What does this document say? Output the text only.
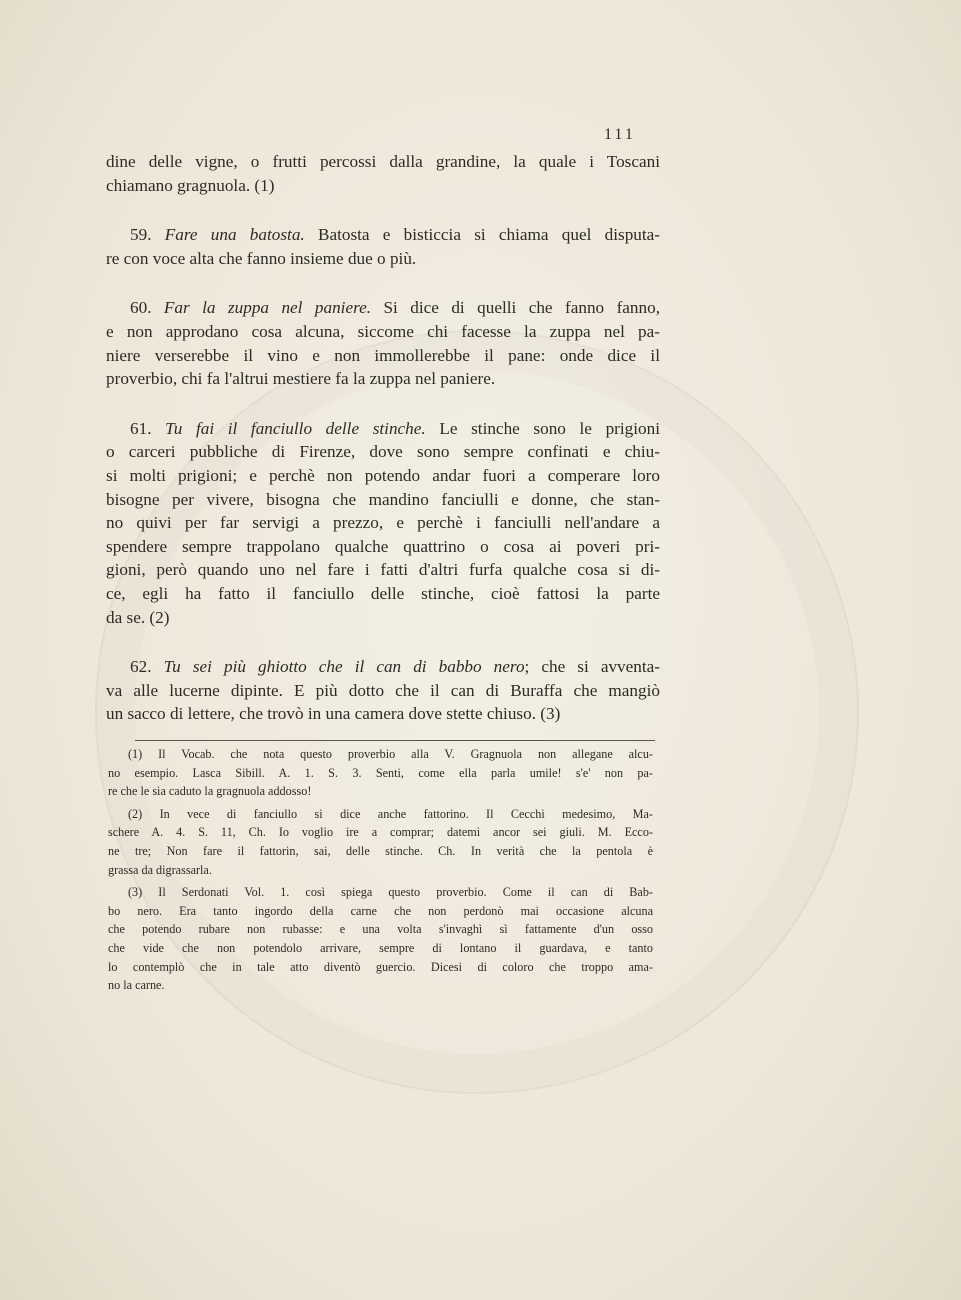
111

dine delle vigne, o frutti percossi dalla grandine, la quale i Toscani
chiamano gragnuola. (1)

59. Fare una batosta. Batosta e bisticcia si chiama quel disputa-
re con voce alta che fanno insieme due o più.

60. Far la zuppa nel paniere. Si dice di quelli che fanno fanno,
e non approdano cosa alcuna, siccome chi facesse la zuppa nel pa-
niere verserebbe il vino e non immollerebbe il pane: onde dice il
proverbio, chi fa l'altrui mestiere fa la zuppa nel paniere.

61. Tu fai il fanciullo delle stinche. Le stinche sono le prigioni
o carceri pubbliche di Firenze, dove sono sempre confinati e chiu-
si molti prigioni; e perchè non potendo andar fuori a comperare loro
bisogne per vivere, bisogna che mandino fanciulli e donne, che stan-
no quivi per far servigi a prezzo, e perchè i fanciulli nell'andare a
spendere sempre trappolano qualche quattrino o cosa ai poveri pri-
gioni, però quando uno nel fare i fatti d'altri furfa qualche cosa si di-
ce, egli ha fatto il fanciullo delle stinche, cioè fattosi la parte
da se. (2)

62. Tu sei più ghiotto che il can di babbo nero; che si avventa-
va alle lucerne dipinte. E più dotto che il can di Buraffa che mangiò
un sacco di lettere, che trovò in una camera dove stette chiuso. (3)

(1) Il Vocab. che nota questo proverbio alla V. Gragnuola non allegane alcu-
no esempio. Lasca Sibill. A. 1. S. 3. Senti, come ella parla umile! s'e' non pa-
re che le sia caduto la gragnuola addosso!
(2) In vece di fanciullo si dice anche fattorino. Il Cecchi medesimo, Ma-
schere A. 4. S. 11, Ch. Io voglio ire a comprar; datemi ancor sei giuli. M. Ecco-
ne tre; Non fare il fattorin, sai, delle stinche. Ch. In verità che la pentola è
grassa da digrassarla.
(3) Il Serdonati Vol. 1. così spiega questo proverbio. Come il can di Bab-
bo nero. Era tanto ingordo della carne che non perdonò mai occasione alcuna
che potendo rubare non rubasse: e una volta s'invaghì sì fattamente d'un osso
che vide che non potendolo arrivare, sempre di lontano il guardava, e tanto
lo contemplò che in tale atto diventò guercio. Dicesi di coloro che troppo ama-
no la carne.
